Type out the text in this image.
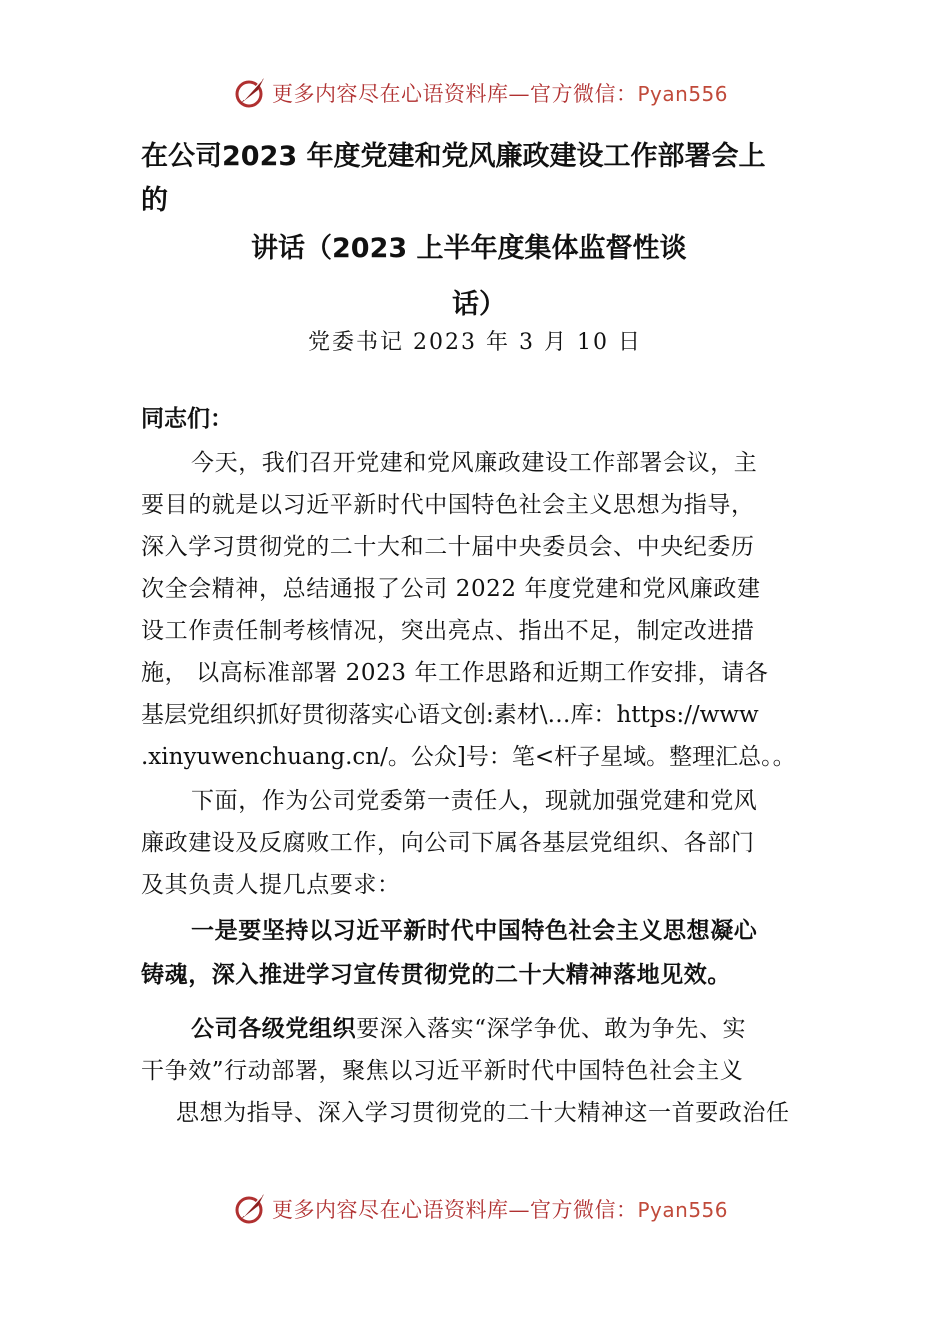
更多内容尽在心语资料库—官方微信：Pyan556
在公司2023 年度党建和党风廉政建设工作部署会上
的
讲话（2023 上半年度集体监督性谈
话）
党委书记 2023 年 3 月 10 日
同志们：
今天，我们召开党建和党风廉政建设工作部署会议，主
要目的就是以习近平新时代中国特色社会主义思想为指导，
深入学习贯彻党的二十大和二十届中央委员会、中央纪委历
次全会精神，总结通报了公司 2022 年度党建和党风廉政建
设工作责任制考核情况，突出亮点、指出不足，制定改进措
施， 以高标准部署 2023 年工作思路和近期工作安排，请各
基层党组织抓好贯彻落实心语文创:素材\…库：https://www
.xinyuwenchuang.cn/。公众]号：笔<杆子星域。整理汇总。。
下面，作为公司党委第一责任人，现就加强党建和党风
廉政建设及反腐败工作，向公司下属各基层党组织、各部门
及其负责人提几点要求：
一是要坚持以习近平新时代中国特色社会主义思想凝心
铸魂，深入推进学习宣传贯彻党的二十大精神落地见效。
公司各级党组织要深入落实“深学争优、敢为争先、实
干争效”行动部署，聚焦以习近平新时代中国特色社会主义
思想为指导、深入学习贯彻党的二十大精神这一首要政治任
更多内容尽在心语资料库—官方微信：Pyan556
